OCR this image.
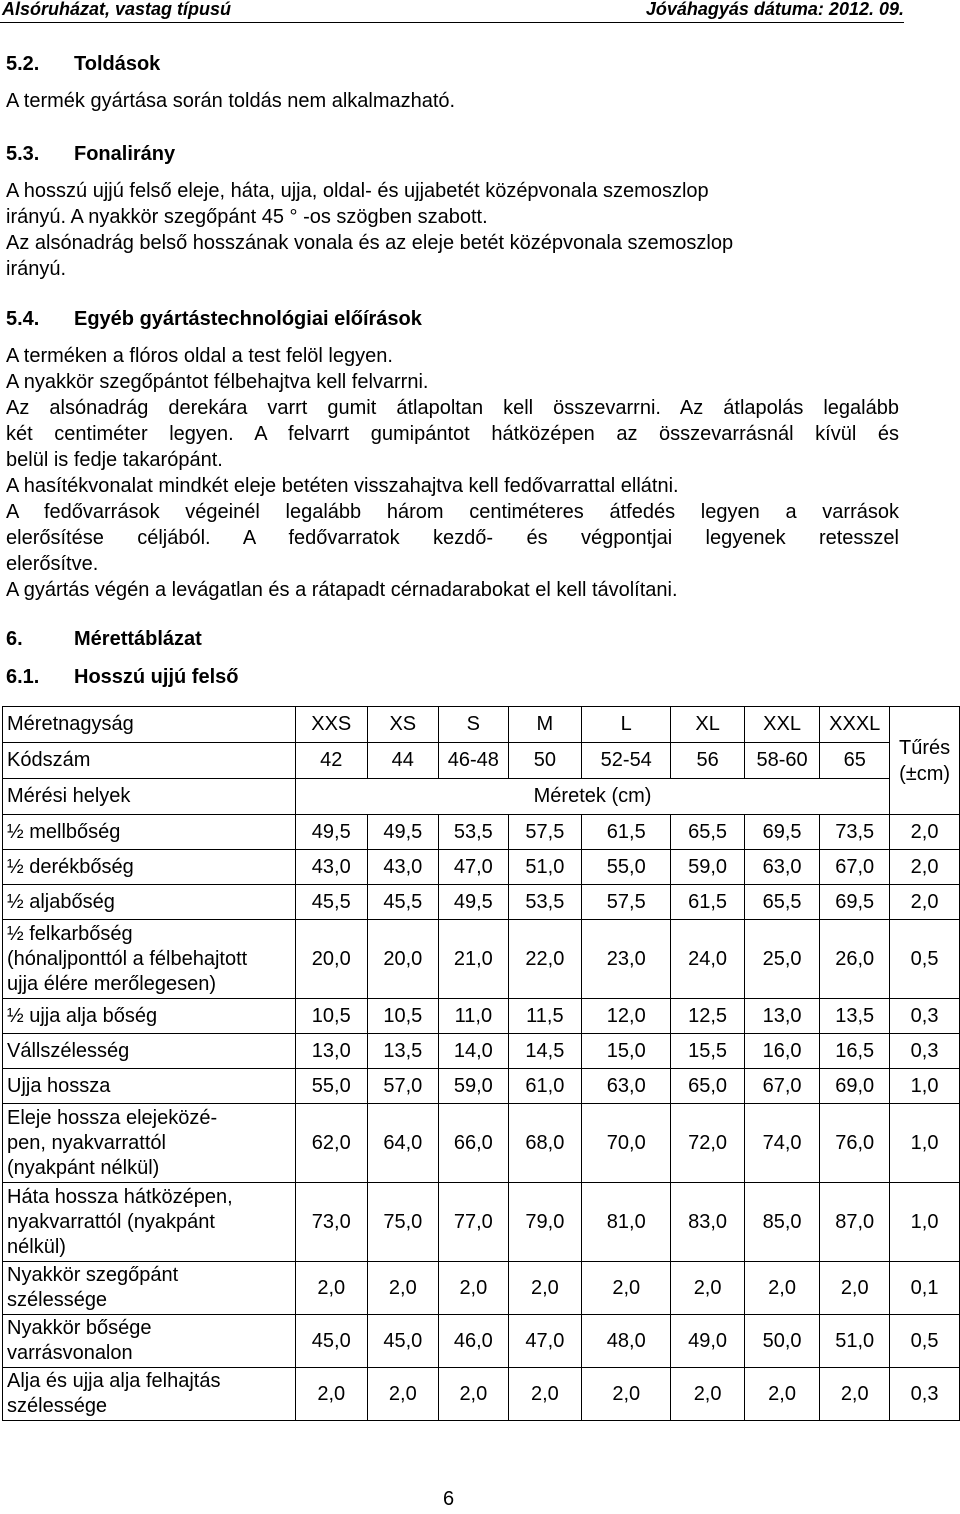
Alsóruházat, vastag típusú	Jóváhagyás dátuma: 2012. 09.
5.2. Toldások
A termék gyártása során toldás nem alkalmazható.
5.3. Fonalirány
A hosszú ujjú felső eleje, háta, ujja, oldal- és ujjabetét középvonala szemoszlop
irányú. A nyakkör szegőpánt 45 ° -os szögben szabott.
Az alsónadrág belső hosszának vonala és az eleje betét középvonala szemoszlop
irányú.
5.4. Egyéb gyártástechnológiai előírások
A terméken a flóros oldal a test felöl legyen.
A nyakkör szegőpántot félbehajtva kell felvarrni.
Az alsónadrág derekára varrt gumit átlapoltan kell összevarrni. Az átlapolás legalább
két centiméter legyen. A felvarrt gumipántot hátközépen az összevarrásnál kívül és
belül is fedje takarópánt.
A hasítékvonalat mindkét eleje betéten visszahajtva kell fedővarrattal ellátni.
A fedővarrások végeinél legalább három centiméteres átfedés legyen a varrások
elerősítése céljából. A fedővarratok kezdő- és végpontjai legyenek retesszel
elerősítve.
A gyártás végén a levágatlan és a rátapadt cérnadarabokat el kell távolítani.
6.	Mérettáblázat
6.1. Hosszú ujjú felső
Méretnagyság	XXS	XS	S	M	L	XL	XXL	XXXL	Tűrés
(±cm)
Kódszám	42	44	46-48	50	52-54	56	58-60	65	
Mérési helyek	Méretek (cm)								
½ mellbőség	49,5	49,5	53,5	57,5	61,5	65,5	69,5	73,5	2,0
½ derékbőség	43,0	43,0	47,0	51,0	55,0	59,0	63,0	67,0	2,0
½ aljabőség	45,5	45,5	49,5	53,5	57,5	61,5	65,5	69,5	2,0
½ felkarbőség
(hónaljponttól a félbehajtott
ujja élére merőlegesen)	20,0	20,0	21,0	22,0	23,0	24,0	25,0	26,0	0,5
½ ujja alja bőség	10,5	10,5	11,0	11,5	12,0	12,5	13,0	13,5	0,3
Vállszélesség	13,0	13,5	14,0	14,5	15,0	15,5	16,0	16,5	0,3
Ujja hossza	55,0	57,0	59,0	61,0	63,0	65,0	67,0	69,0	1,0
Eleje hossza elejeközé-
pen, nyakvarrattól
(nyakpánt nélkül)	62,0	64,0	66,0	68,0	70,0	72,0	74,0	76,0	1,0
Háta hossza hátközépen,
nyakvarrattól (nyakpánt
nélkül)	73,0	75,0	77,0	79,0	81,0	83,0	85,0	87,0	1,0
Nyakkör szegőpánt
szélessége	2,0	2,0	2,0	2,0	2,0	2,0	2,0	2,0	0,1
Nyakkör bősége
varrásvonalon	45,0	45,0	46,0	47,0	48,0	49,0	50,0	51,0	0,5
Alja és ujja alja felhajtás
szélessége	2,0	2,0	2,0	2,0	2,0	2,0	2,0	2,0	0,3
6
